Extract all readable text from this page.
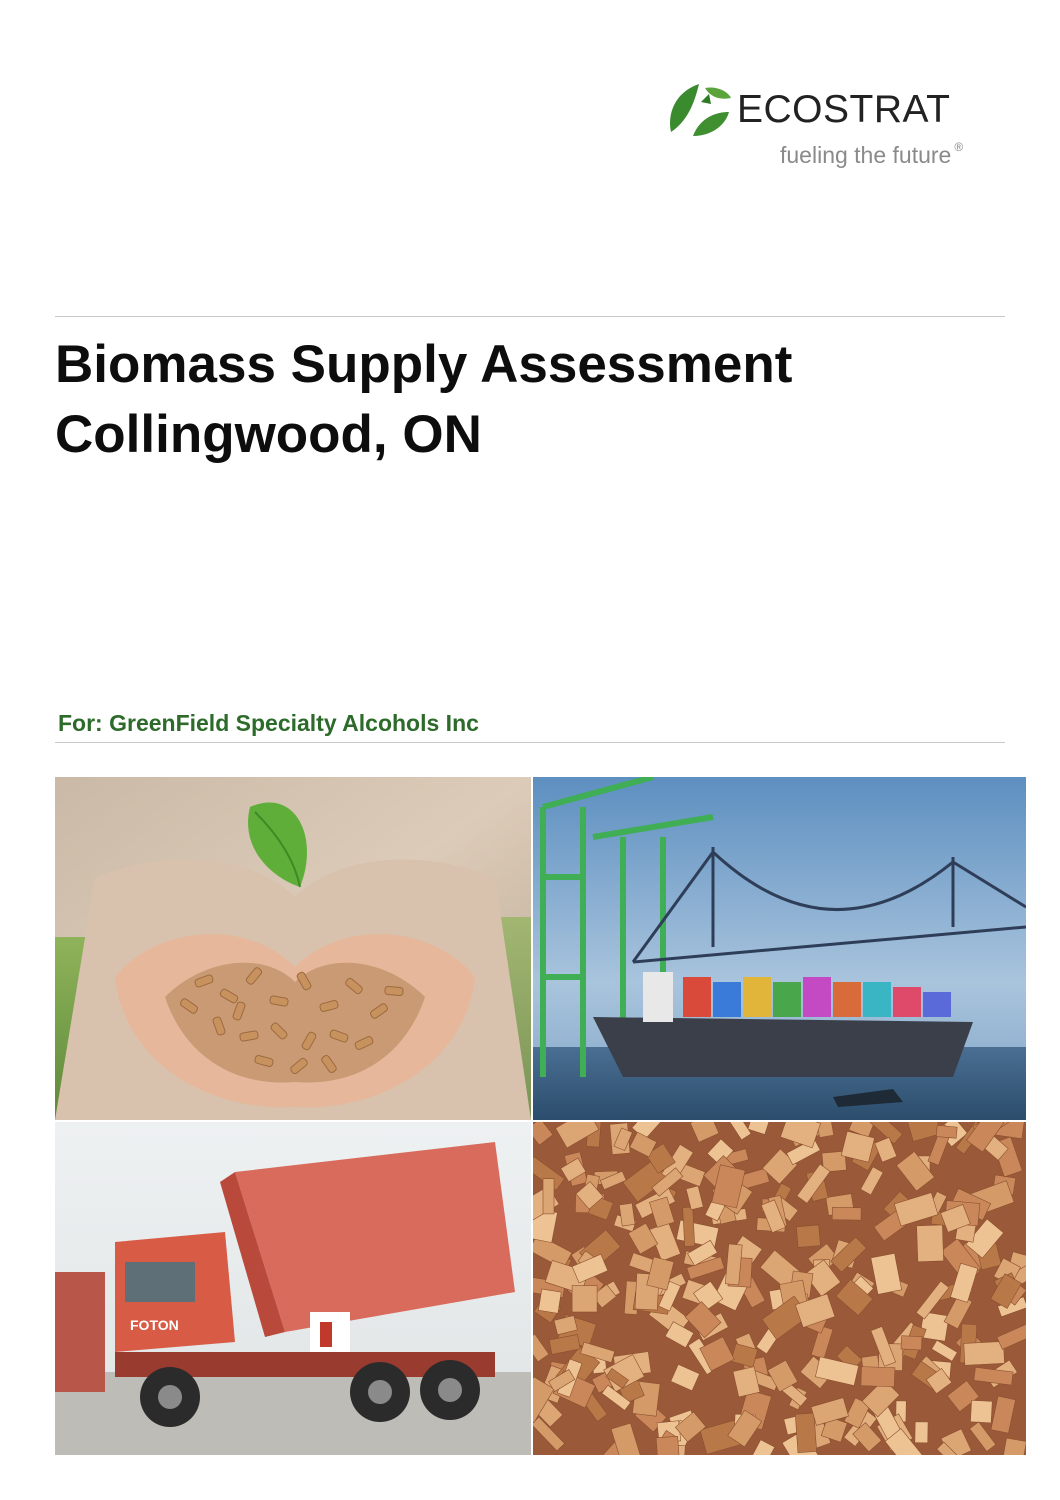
ECOSTRAT
fueling the future ®
Biomass Supply Assessment
Collingwood, ON
For: GreenField Specialty Alcohols Inc
FOTON
